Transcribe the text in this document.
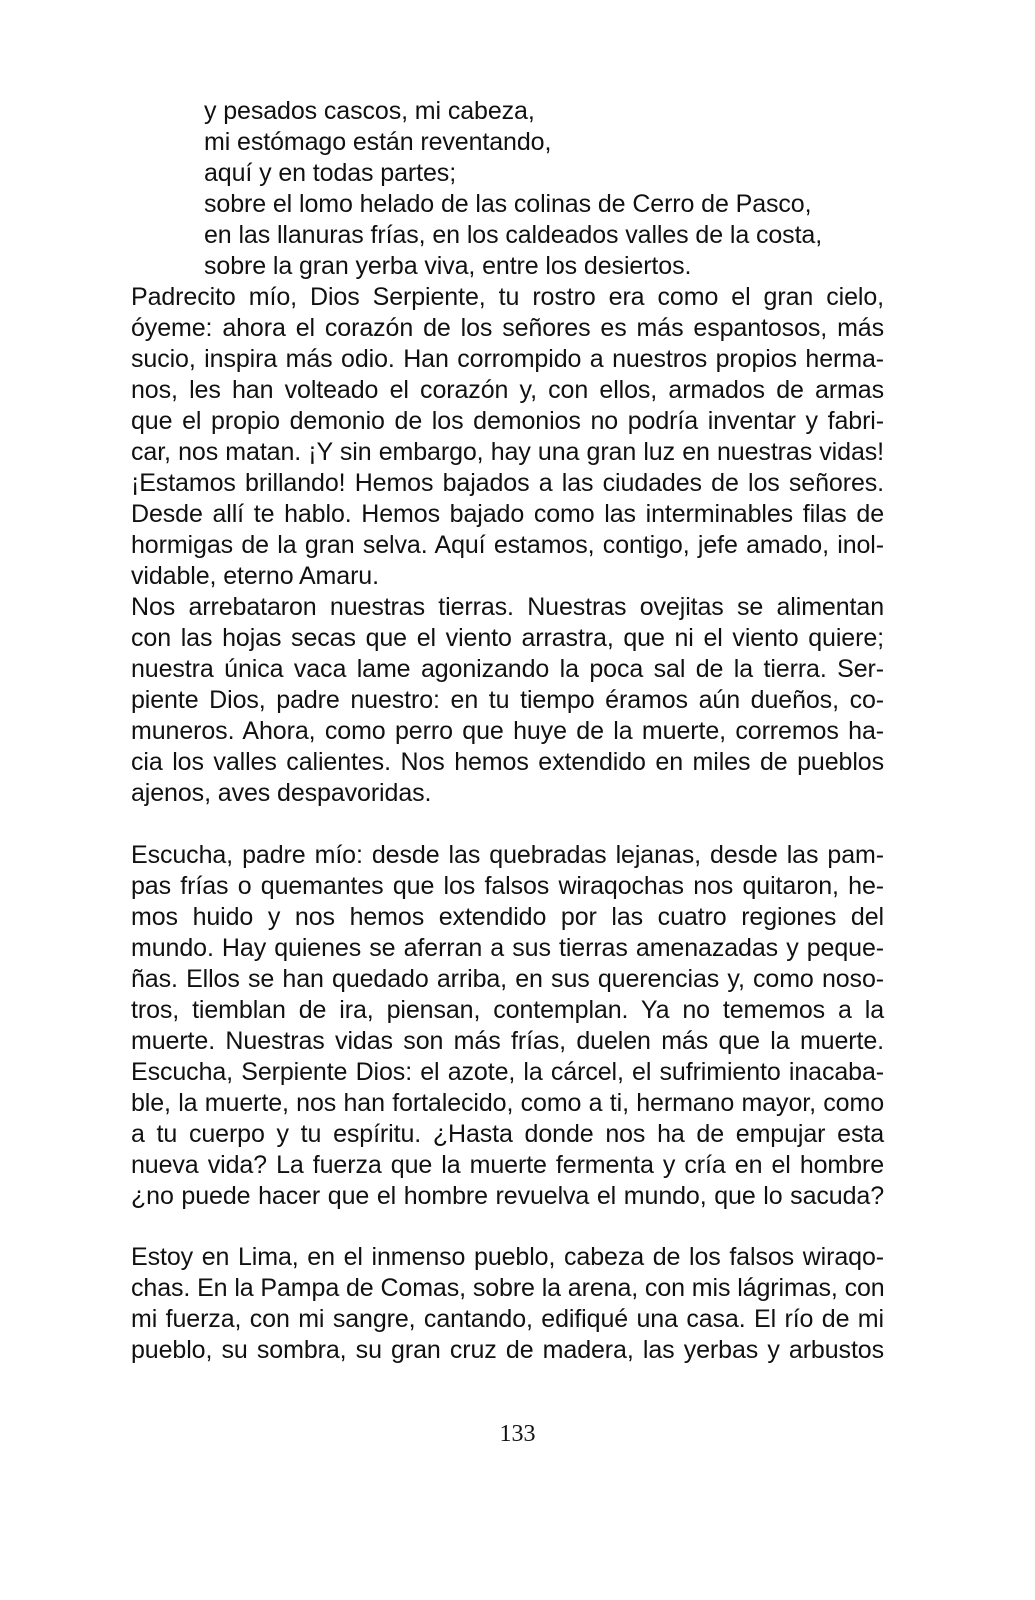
y pesados cascos, mi cabeza,
mi estómago están reventando,
aquí y en todas partes;
sobre el lomo helado de las colinas de Cerro de Pasco,
en las llanuras frías, en los caldeados valles de la costa,
sobre la gran yerba viva, entre los desiertos.
Padrecito mío, Dios Serpiente, tu rostro era como el gran cielo,
óyeme: ahora el corazón de los señores es más espantosos, más
sucio, inspira más odio. Han corrompido a nuestros propios herma-
nos, les han volteado el corazón y, con ellos, armados de armas
que el propio demonio de los demonios no podría inventar y fabri-
car, nos matan. ¡Y sin embargo, hay una gran luz en nuestras vidas!
¡Estamos brillando! Hemos bajados a las ciudades de los señores.
Desde allí te hablo. Hemos bajado como las interminables filas de
hormigas de la gran selva. Aquí estamos, contigo, jefe amado, inol-
vidable, eterno Amaru.
Nos arrebataron nuestras tierras. Nuestras ovejitas se alimentan
con las hojas secas que el viento arrastra, que ni el viento quiere;
nuestra única vaca lame agonizando la poca sal de la tierra. Ser-
piente Dios, padre nuestro: en tu tiempo éramos aún dueños, co-
muneros. Ahora, como perro que huye de la muerte, corremos ha-
cia los valles calientes. Nos hemos extendido en miles de pueblos
ajenos, aves despavoridas.
Escucha, padre mío: desde las quebradas lejanas, desde las pam-
pas frías o quemantes que los falsos wiraqochas nos quitaron, he-
mos huido y nos hemos extendido por las cuatro regiones del
mundo. Hay quienes se aferran a sus tierras amenazadas y peque-
ñas. Ellos se han quedado arriba, en sus querencias y, como noso-
tros, tiemblan de ira, piensan, contemplan. Ya no tememos a la
muerte. Nuestras vidas son más frías, duelen más que la muerte.
Escucha, Serpiente Dios: el azote, la cárcel, el sufrimiento inacaba-
ble, la muerte, nos han fortalecido, como a ti, hermano mayor, como
a tu cuerpo y tu espíritu. ¿Hasta donde nos ha de empujar esta
nueva vida? La fuerza que la muerte fermenta y cría en el hombre
¿no puede hacer que el hombre revuelva el mundo, que lo sacuda?
Estoy en Lima, en el inmenso pueblo, cabeza de los falsos wiraqo-
chas. En la Pampa de Comas, sobre la arena, con mis lágrimas, con
mi fuerza, con mi sangre, cantando, edifiqué una casa. El río de mi
pueblo, su sombra, su gran cruz de madera, las yerbas y arbustos
133
